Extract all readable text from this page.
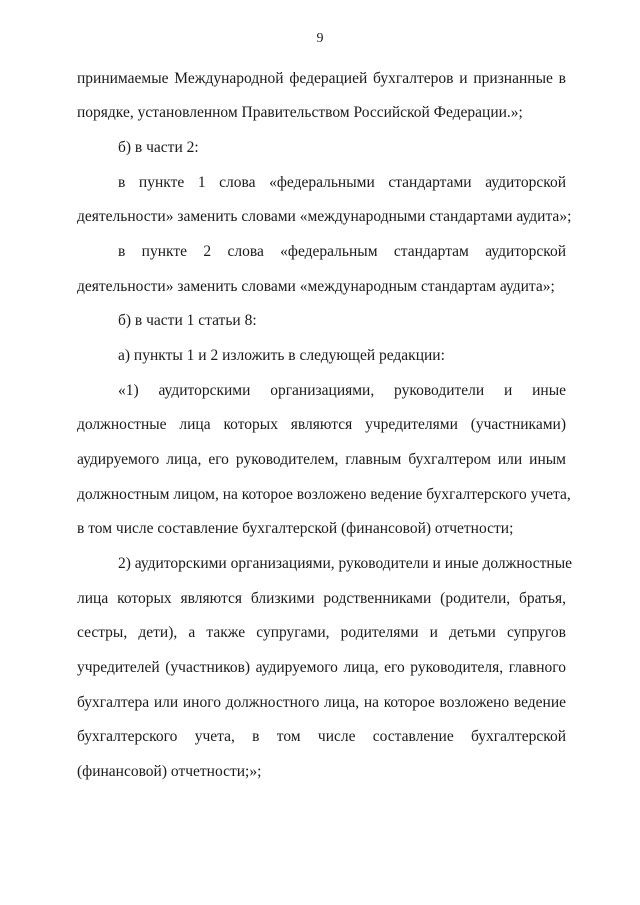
9
принимаемые Международной федерацией бухгалтеров и признанные в
порядке, установленном Правительством Российской Федерации.»;
б) в части 2:
в пункте 1 слова «федеральными стандартами аудиторской
деятельности» заменить словами «международными стандартами аудита»;
в пункте 2 слова «федеральным стандартам аудиторской
деятельности» заменить словами «международным стандартам аудита»;
б) в части 1 статьи 8:
а) пункты 1 и 2 изложить в следующей редакции:
«1) аудиторскими организациями, руководители и иные
должностные лица которых являются учредителями (участниками)
аудируемого лица, его руководителем, главным бухгалтером или иным
должностным лицом, на которое возложено ведение бухгалтерского учета,
в том числе составление бухгалтерской (финансовой) отчетности;
2) аудиторскими организациями, руководители и иные должностные
лица которых являются близкими родственниками (родители, братья,
сестры, дети), а также супругами, родителями и детьми супругов
учредителей (участников) аудируемого лица, его руководителя, главного
бухгалтера или иного должностного лица, на которое возложено ведение
бухгалтерского учета, в том числе составление бухгалтерской
(финансовой) отчетности;»;
